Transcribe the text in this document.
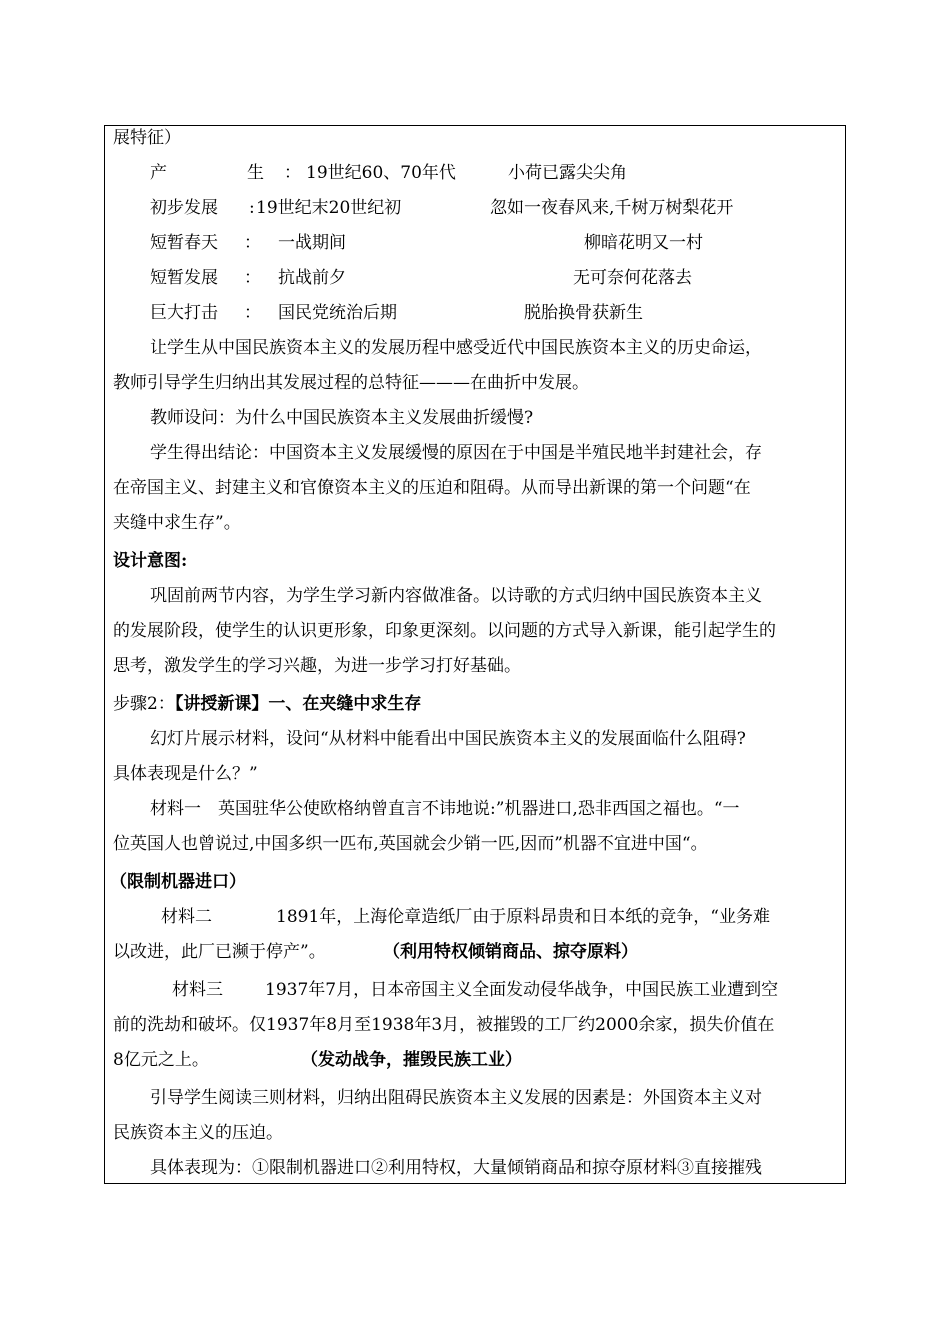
展特征）
产	生 ： 19世纪60、70年代	小荷已露尖尖角
初步发展 : 19世纪末20世纪初	忽如一夜春风来,千树万树梨花开
短暂春天 ： 一战期间	柳暗花明又一村
短暂发展 ： 抗战前夕	无可奈何花落去
巨大打击 ： 国民党统治后期	脱胎换骨获新生
让学生从中国民族资本主义的发展历程中感受近代中国民族资本主义的历史命运，
教师引导学生归纳出其发展过程的总特征———在曲折中发展。
教师设问：为什么中国民族资本主义发展曲折缓慢?
学生得出结论：中国资本主义发展缓慢的原因在于中国是半殖民地半封建社会，存
在帝国主义、封建主义和官僚资本主义的压迫和阻碍。从而导出新课的第一个问题“在
夹缝中求生存”。
设计意图:
巩固前两节内容，为学生学习新内容做准备。以诗歌的方式归纳中国民族资本主义
的发展阶段，使学生的认识更形象，印象更深刻。以问题的方式导入新课，能引起学生的
思考，激发学生的学习兴趣，为进一步学习打好基础。
步骤2：【讲授新课】一、在夹缝中求生存
幻灯片展示材料，设问“从材料中能看出中国民族资本主义的发展面临什么阻碍?
具体表现是什么？”
材料一　英国驻华公使欧格纳曾直言不讳地说:”机器进口,恐非西国之福也。“一
位英国人也曾说过,中国多织一匹布,英国就会少销一匹,因而”机器不宜进中国“。
（限制机器进口）
材料二	1891年，上海伦章造纸厂由于原料昂贵和日本纸的竞争，“业务难
以改进，此厂已濒于停产”。	（利用特权倾销商品、掠夺原料）
材料三 1937年7月，日本帝国主义全面发动侵华战争，中国民族工业遭到空
前的洗劫和破坏。仅1937年8月至1938年3月，被摧毁的工厂约2000余家，损失价值在
8亿元之上。	（发动战争，摧毁民族工业）
引导学生阅读三则材料，归纳出阻碍民族资本主义发展的因素是：外国资本主义对
民族资本主义的压迫。
具体表现为：①限制机器进口②利用特权，大量倾销商品和掠夺原材料③直接摧残
